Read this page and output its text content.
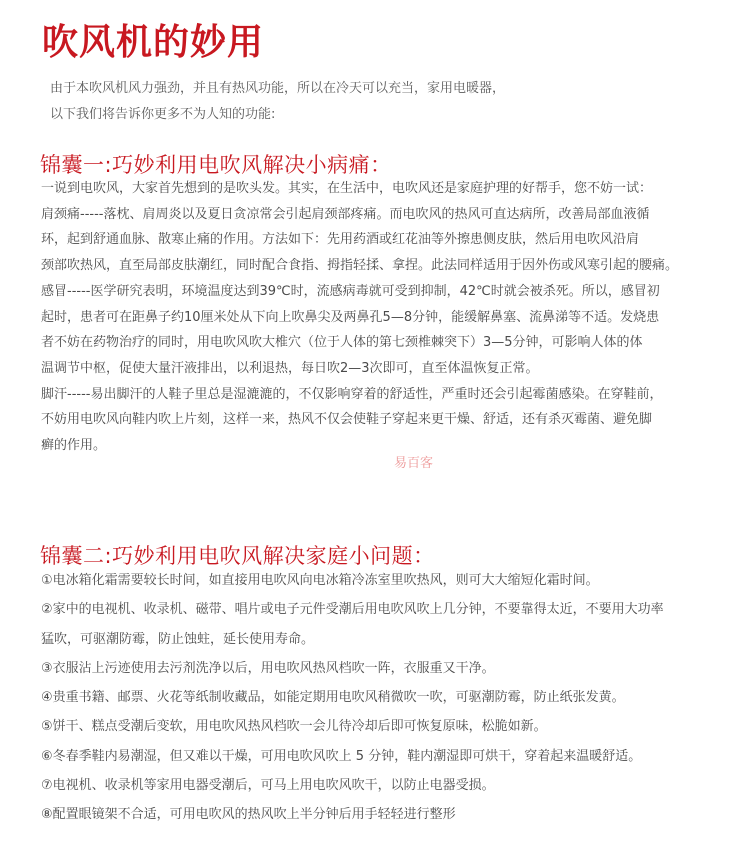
吹风机的妙用
由于本吹风机风力强劲，并且有热风功能，所以在冷天可以充当，家用电暖器，
以下我们将告诉你更多不为人知的功能:
锦囊一:巧妙利用电吹风解决小病痛：
一说到电吹风，大家首先想到的是吹头发。其实，在生活中，电吹风还是家庭护理的好帮手，您不妨一试：
肩颈痛-----落枕、肩周炎以及夏日贪凉常会引起肩颈部疼痛。而电吹风的热风可直达病所，改善局部血液循
环，起到舒通血脉、散寒止痛的作用。方法如下：先用药酒或红花油等外擦患侧皮肤，然后用电吹风沿肩
颈部吹热风，直至局部皮肤潮红，同时配合食指、拇指轻揉、拿捏。此法同样适用于因外伤或风寒引起的腰痛。
感冒-----医学研究表明，环境温度达到39℃时，流感病毒就可受到抑制，42℃时就会被杀死。所以，感冒初
起时，患者可在距鼻子约10厘米处从下向上吹鼻尖及两鼻孔5—8分钟，能缓解鼻塞、流鼻涕等不适。发烧患
者不妨在药物治疗的同时，用电吹风吹大椎穴（位于人体的第七颈椎棘突下）3—5分钟，可影响人体的体
温调节中枢，促使大量汗液排出，以利退热，每日吹2—3次即可，直至体温恢复正常。
脚汗-----易出脚汗的人鞋子里总是湿漉漉的，不仅影响穿着的舒适性，严重时还会引起霉菌感染。在穿鞋前，
不妨用电吹风向鞋内吹上片刻，这样一来，热风不仅会使鞋子穿起来更干燥、舒适，还有杀灭霉菌、避免脚
癣的作用。
易百客
锦囊二:巧妙利用电吹风解决家庭小问题：
①电冰箱化霜需要较长时间，如直接用电吹风向电冰箱冷冻室里吹热风，则可大大缩短化霜时间。
②家中的电视机、收录机、磁带、唱片或电子元件受潮后用电吹风吹上几分钟，不要靠得太近，不要用大功率
猛吹，可驱潮防霉，防止蚀蛀，延长使用寿命。
③衣服沾上污迹使用去污剂洗净以后，用电吹风热风档吹一阵，衣服重又干净。
④贵重书籍、邮票、火花等纸制收藏品，如能定期用电吹风稍微吹一吹，可驱潮防霉，防止纸张发黄。
⑤饼干、糕点受潮后变软，用电吹风热风档吹一会儿待冷却后即可恢复原味，松脆如新。
⑥冬春季鞋内易潮湿，但又难以干燥，可用电吹风吹上 5 分钟，鞋内潮湿即可烘干，穿着起来温暖舒适。
⑦电视机、收录机等家用电器受潮后，可马上用电吹风吹干，以防止电器受损。
⑧配置眼镜架不合适，可用电吹风的热风吹上半分钟后用手轻轻进行整形
